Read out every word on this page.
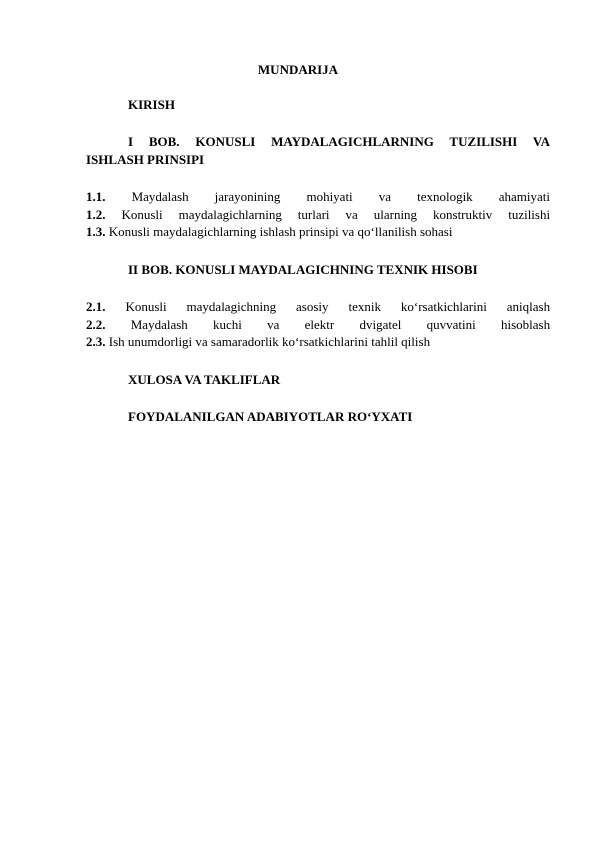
MUNDARIJA
KIRISH
I BOB. KONUSLI MAYDALAGICHLARNING TUZILISHI VA
ISHLASH PRINSIPI
1.1. Maydalash jarayonining mohiyati va texnologik ahamiyati
1.2. Konusli maydalagichlarning turlari va ularning konstruktiv tuzilishi
1.3. Konusli maydalagichlarning ishlash prinsipi va qo‘llanilish sohasi
II BOB. KONUSLI MAYDALAGICHNING TEXNIK HISOBI
2.1. Konusli maydalagichning asosiy texnik ko‘rsatkichlarini aniqlash
2.2. Maydalash kuchi va elektr dvigatel quvvatini hisoblash
2.3. Ish unumdorligi va samaradorlik ko‘rsatkichlarini tahlil qilish
XULOSA VA TAKLIFLAR
FOYDALANILGAN ADABIYOTLAR RO‘YXATI
